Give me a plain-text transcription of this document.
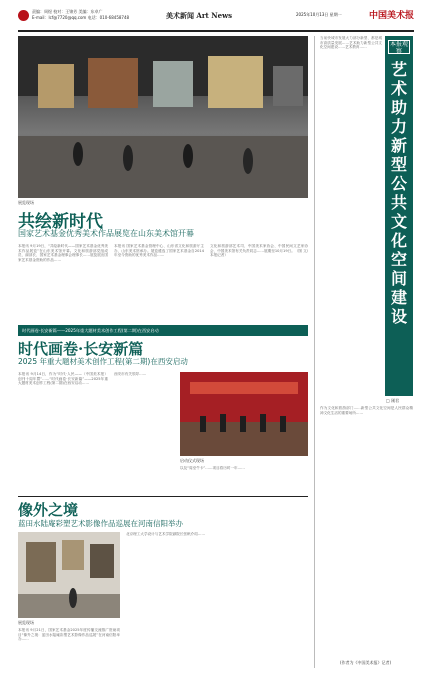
责编：周煜 校对：王锦芳 美编：东卓广
E-mail：lcf@7720@qq.com 电话：010-68458748	美术新闻 Art News	2025年10月13日 星期一	中国美术报
展览现场
共绘新时代
国家艺术基金优秀美术作品展览在山东美术馆开幕

本报讯 9月19日，“共绘新时代——国家艺术基金优秀美术作品展览”在山东美术馆开幕。文化和旅游部党组成员、副部长、国家艺术基金理事会理事长……展览展出国家艺术基金资助的作品……

本报讯 国家艺术基金管理中心、山东省文化和旅游厅主办，山东美术馆承办。展览遴选了国家艺术基金自2014年至今资助的优秀美术作品……

文化和旅游部艺术司、中国美术家协会、中国民间文艺家协会、中国美术馆有关负责同志……展期至10月19日。（图 文/本报记者）

时代画卷·长安新篇——2025年重大题材美术创作工程(第二期)在西安启动
时代画卷·长安新篇
2025 年重大题材美术创作工程(第二期)在西安启动

本报讯 9月14日，作为“时代·人民——（中国美术报）创刊十周年暨”……“时代画卷·长安新篇”——2025年重大题材美术创作工程(第二期)在西安启动……

西安市有关领导……

启动仪式现场

以及“周至牛卡”……项目将历时一年……

像外之境
蓝田水陆庵彩塑艺术影像作品巡展在河南信阳举办
展览现场

本报讯 9月21日，国家艺术基金2025年度传播交流推广资助项目“像外之境：蓝田水陆庵彩塑艺术影像作品巡展”在河南信阳举办……

北京理工大学设计与艺术学院副院长张帆介绍……

当前快城市发展大力部分新型、都是城市高质量发展……艺术助力新型公共文化空间建设……艺术教育……	本报观察
艺术助力新型公共文化空间建设
□ 刚君

作为文化和旅游部门……新型公共文化空间是人民群众精神文化生活的重要场所……

(作者为《中国美术报》记者)
